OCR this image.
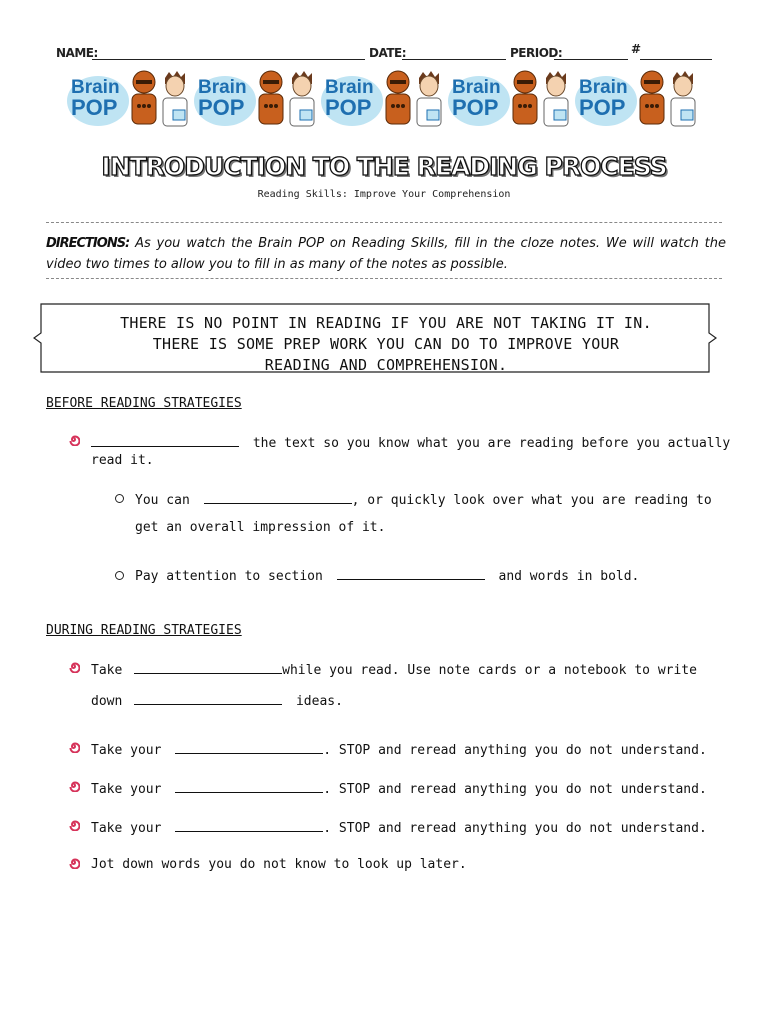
NAME:	DATE:	PERIOD:	#
Brain
POP
Brain
POP
Brain
POP
Brain
POP
Brain
POP
INTRODUCTION TO THE READING PROCESS
Reading Skills: Improve Your Comprehension
DIRECTIONS: As you watch the Brain POP on Reading Skills, fill in the cloze notes. We will watch the video two times to allow you to fill in as many of the notes as possible.
THERE IS NO POINT IN READING IF YOU ARE NOT TAKING IT IN.
THERE IS SOME PREP WORK YOU CAN DO TO IMPROVE YOUR
READING AND COMPREHENSION.
BEFORE READING STRATEGIES
the text so you know what you are reading before you actually
read it.
You can	, or quickly look over what you are reading to
get an overall impression of it.
Pay attention to section	and words in bold.
DURING READING STRATEGIES
Take	while you read. Use note cards or a notebook to write
down	ideas.
Take your	. STOP and reread anything you do not understand.
Take your	. STOP and reread anything you do not understand.
Take your	. STOP and reread anything you do not understand.
Jot down words you do not know to look up later.
